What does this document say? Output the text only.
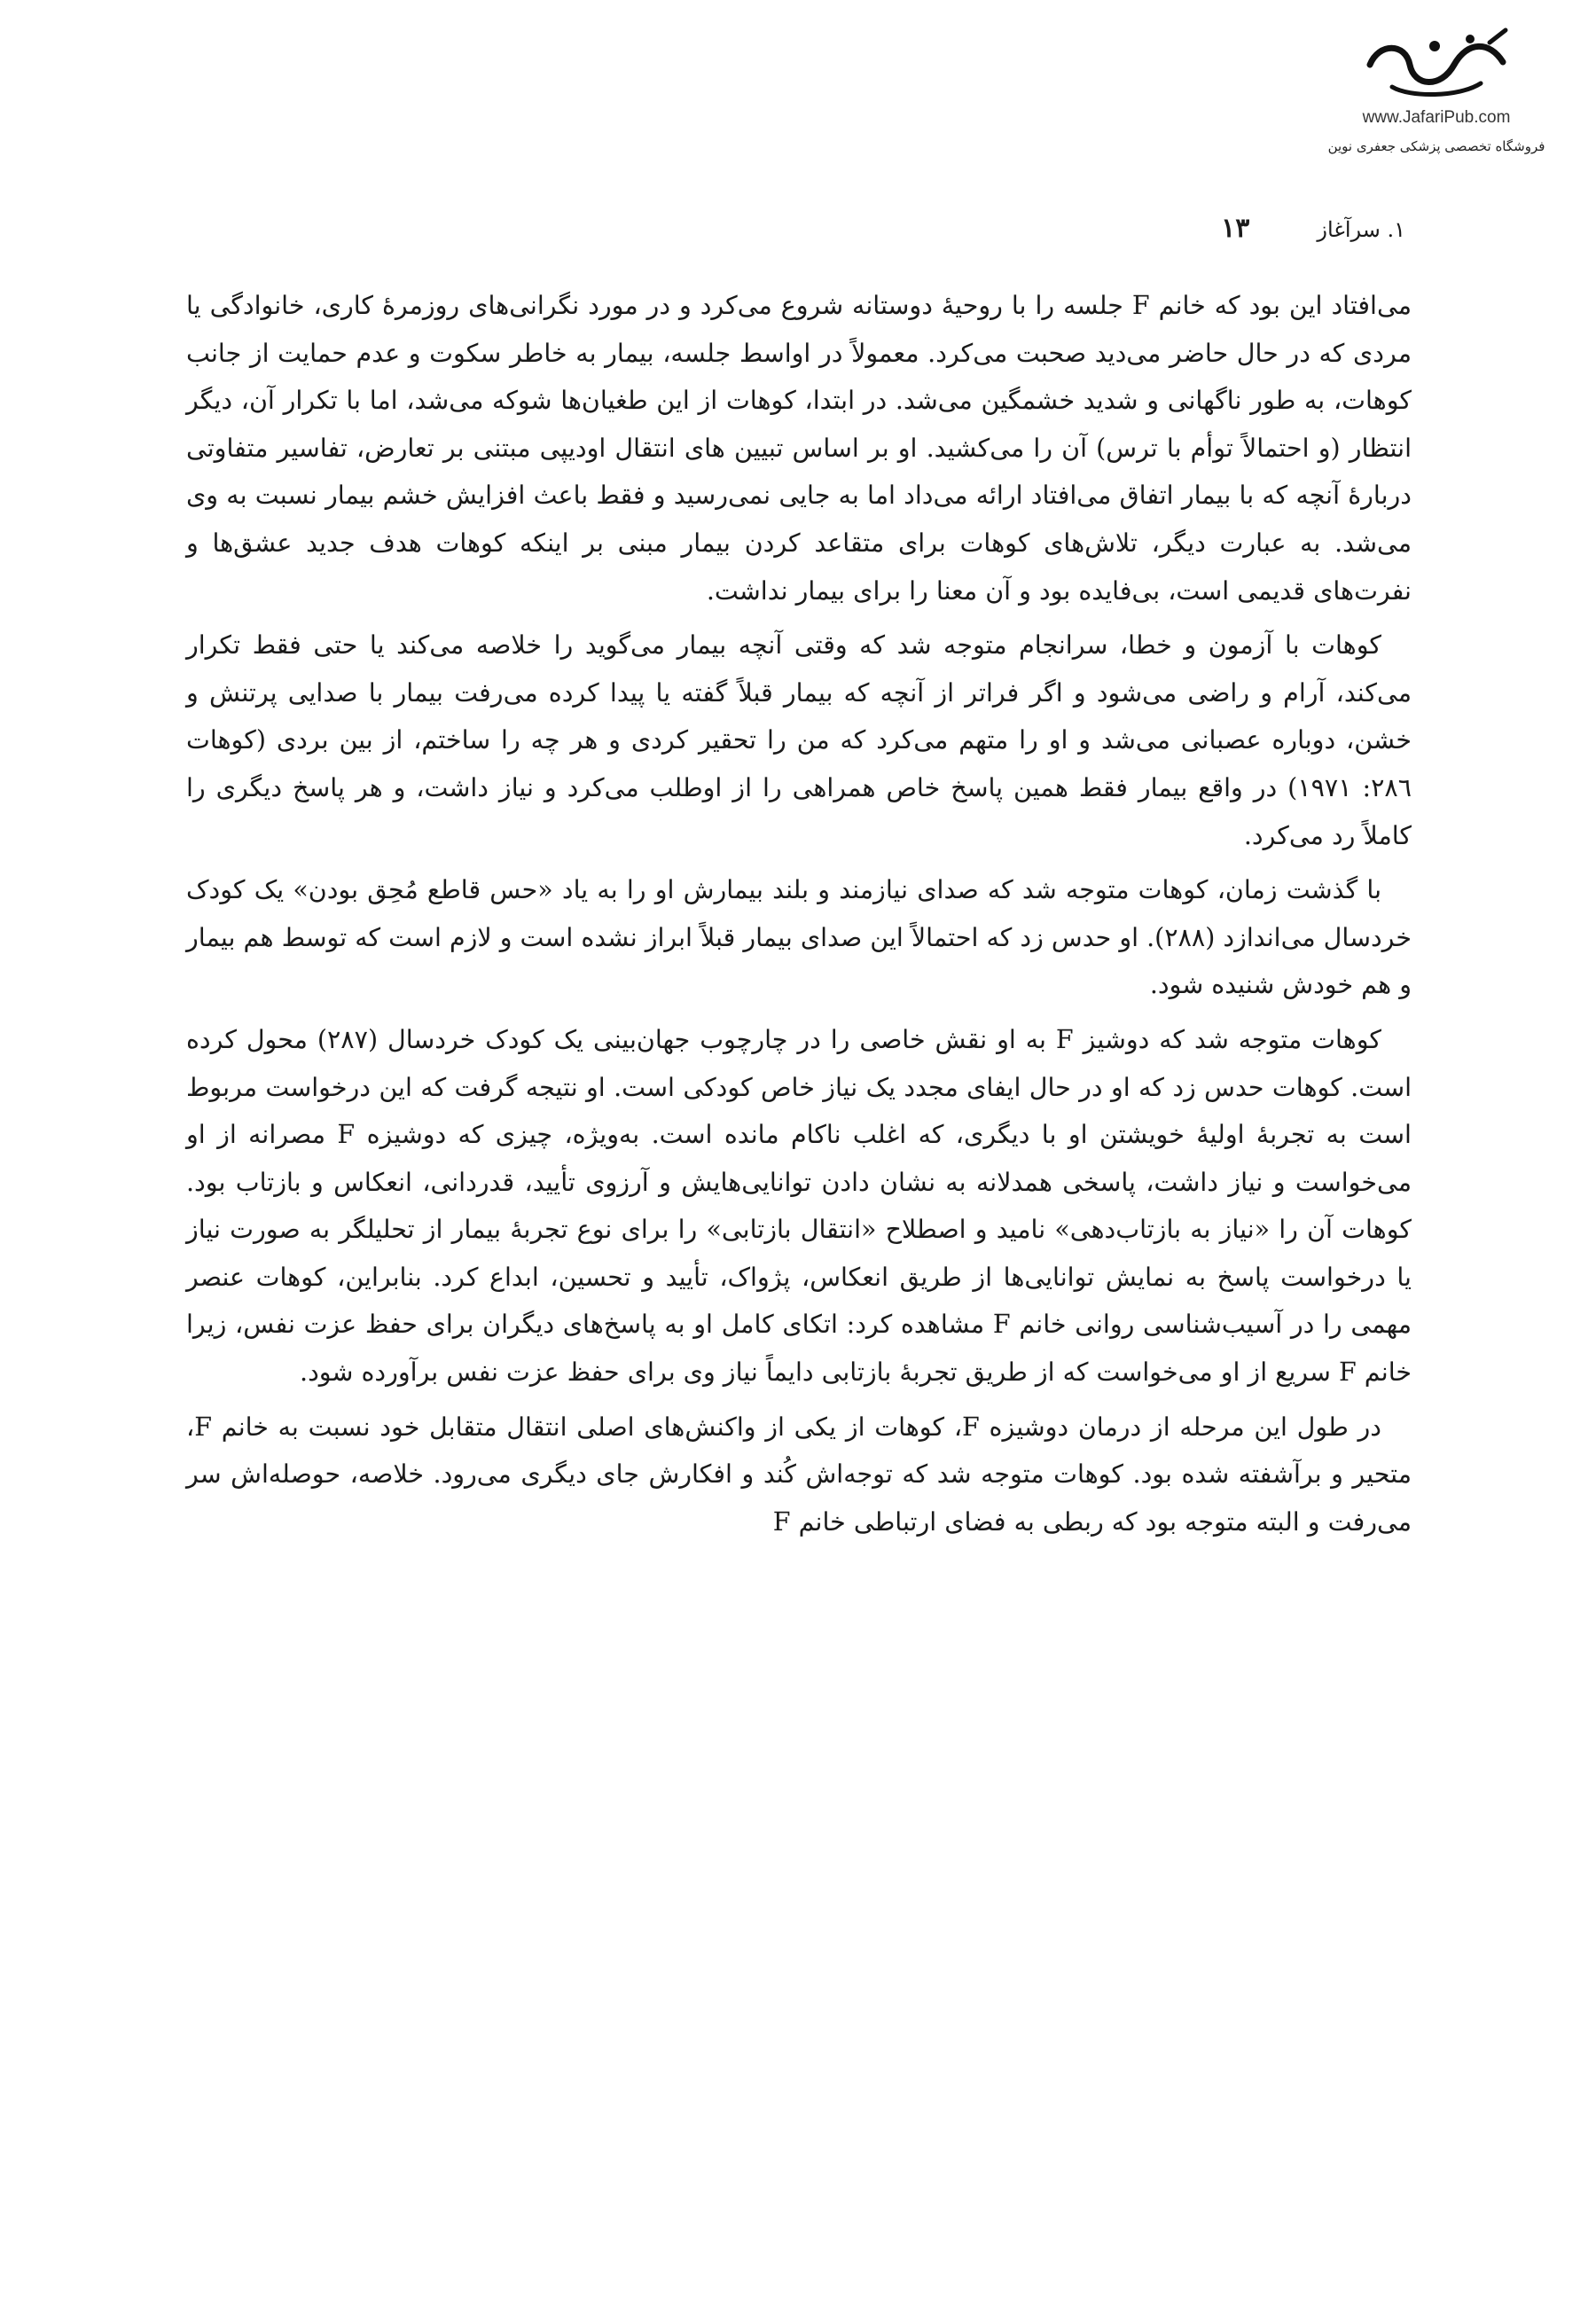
www.JafariPub.com
فروشگاه تخصصی پزشکی جعفری نوین
۱. سرآغاز
۱۳

می‌افتاد این بود که خانم F جلسه را با روحیهٔ دوستانه شروع می‌کرد و در مورد نگرانی‌های روزمرهٔ کاری، خانوادگی یا مردی که در حال حاضر می‌دید صحبت می‌کرد. معمولاً در اواسط جلسه، بیمار به خاطر سکوت و عدم حمایت از جانب کوهات، به طور ناگهانی و شدید خشمگین می‌شد. در ابتدا، کوهات از این طغیان‌ها شوکه می‌شد، اما با تکرار آن، دیگر انتظار (و احتمالاً توأم با ترس) آن را می‌کشید. او بر اساس تبیین های انتقال اودیپی مبتنی بر تعارض، تفاسیر متفاوتی دربارهٔ آنچه که با بیمار اتفاق می‌افتاد ارائه می‌داد اما به جایی نمی‌رسید و فقط باعث افزایش خشم بیمار نسبت به وی می‌شد. به عبارت دیگر، تلاش‌های کوهات برای متقاعد کردن بیمار مبنی بر اینکه کوهات هدف جدید عشق‌ها و نفرت‌های قدیمی است، بی‌فایده بود و آن معنا را برای بیمار نداشت.

کوهات با آزمون و خطا، سرانجام متوجه شد که وقتی آنچه بیمار می‌گوید را خلاصه می‌کند یا حتی فقط تکرار می‌کند، آرام و راضی می‌شود و اگر فراتر از آنچه که بیمار قبلاً گفته یا پیدا کرده می‌رفت بیمار با صدایی پرتنش و خشن، دوباره عصبانی می‌شد و او را متهم می‌کرد که من را تحقیر کردی و هر چه را ساختم، از بین بردی (کوهات ۲۸٦: ۱۹۷۱) در واقع بیمار فقط همین پاسخ خاص همراهی را از اوطلب می‌کرد و نیاز داشت، و هر پاسخ دیگری را کاملاً رد می‌کرد.

با گذشت زمان، کوهات متوجه شد که صدای نیازمند و بلند بیمارش او را به یاد «حس قاطع مُحِق بودن» یک کودک خردسال می‌اندازد (۲۸۸). او حدس زد که احتمالاً این صدای بیمار قبلاً ابراز نشده است و لازم است که توسط هم بیمار و هم خودش شنیده شود.

کوهات متوجه شد که دوشیز F به او نقش خاصی را در چارچوب جهان‌بینی یک کودک خردسال (۲۸۷) محول کرده است. کوهات حدس زد که او در حال ایفای مجدد یک نیاز خاص کودکی است. او نتیجه گرفت که این درخواست مربوط است به تجربهٔ اولیهٔ خویشتن او با دیگری، که اغلب ناکام مانده است. به‌ویژه، چیزی که دوشیزه F مصرانه از او می‌خواست و نیاز داشت، پاسخی همدلانه به نشان دادن توانایی‌هایش و آرزوی تأیید، قدردانی، انعکاس و بازتاب بود. کوهات آن را «نیاز به بازتاب‌دهی» نامید و اصطلاح «انتقال بازتابی» را برای نوع تجربهٔ بیمار از تحلیلگر به صورت نیاز یا درخواست پاسخ به نمایش توانایی‌ها از طریق انعکاس، پژواک، تأیید و تحسین، ابداع کرد. بنابراین، کوهات عنصر مهمی را در آسیب‌شناسی روانی خانم F مشاهده کرد: اتکای کامل او به پاسخ‌های دیگران برای حفظ عزت نفس، زیرا خانم F سریع از او می‌خواست که از طریق تجربهٔ بازتابی دایماً نیاز وی برای حفظ عزت نفس برآورده شود.

در طول این مرحله از درمان دوشیزه F، کوهات از یکی از واکنش‌های اصلی انتقال متقابل خود نسبت به خانم F، متحیر و برآشفته شده بود. کوهات متوجه شد که توجه‌اش کُند و افکارش جای دیگری می‌رود. خلاصه، حوصله‌اش سر می‌رفت و البته متوجه بود که ربطی به فضای ارتباطی خانم F
